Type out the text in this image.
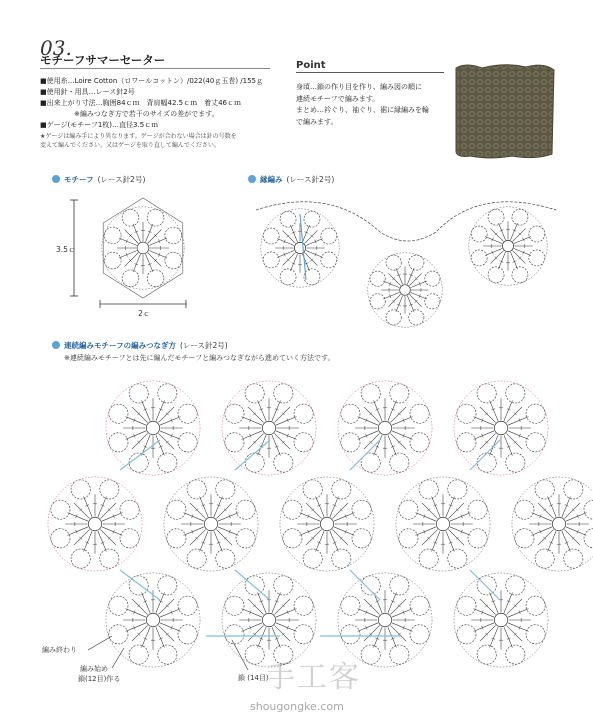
03.
モチーフサマーセーター
■使用糸…Loire Cotton（ロワールコットン）/022(40ｇ玉巻) /155ｇ
■使用針・用具…レース針2号
■出来上がり寸法…胸囲84ｃｍ　背肩幅42.5ｃｍ　着丈46ｃｍ
※編みつなぎ方で若干のサイズの差がでます。
■ゲージ(モチーフ1枚)…直径3.5ｃｍ
★ゲージは編み手により異なります。ゲージが合わない場合は針の号数を
変えて編んでください。又はゲージを取り直して編んでください。
Point
身頃…鎖の作り目を作り、編み図の順に
連続モチーフで編みます。
まとめ…衿ぐり、袖ぐり、裾に縁編みを輪
で編みます。
モチーフ (レース針2号)	縁編み (レース針2号)
連続編みモチーフの編みつなぎ方 (レース針2号)
※連続編みモチーフとは先に編んだモチーフと編みつなぎながら進めていく方法です。
3.5ｃ
2ｃ
編み終わり
編み始め
鎖(12目)作る	鎖 (14目)
手工客
shougongke.com
